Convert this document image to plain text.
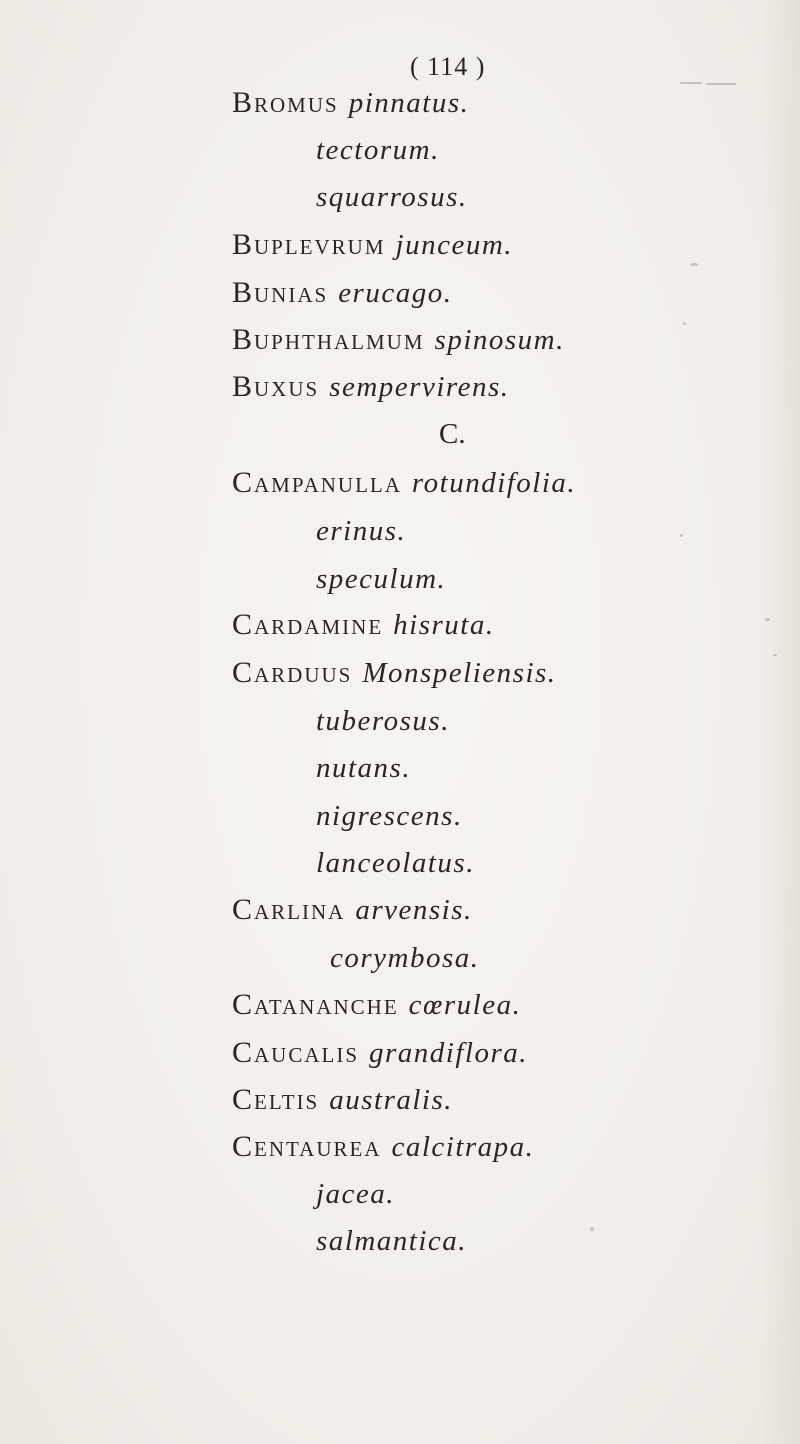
( 114 )
Bromus pinnatus.
tectorum.
squarrosus.
Buplevrum junceum.
Bunias erucago.
Buphthalmum spinosum.
Buxus sempervirens.
C.
Campanulla rotundifolia.
erinus.
speculum.
Cardamine hisruta.
Carduus Monspeliensis.
tuberosus.
nutans.
nigrescens.
lanceolatus.
Carlina arvensis.
corymbosa.
Catananche cœrulea.
Caucalis grandiflora.
Celtis australis.
Centaurea calcitrapa.
jacea.
salmantica.
